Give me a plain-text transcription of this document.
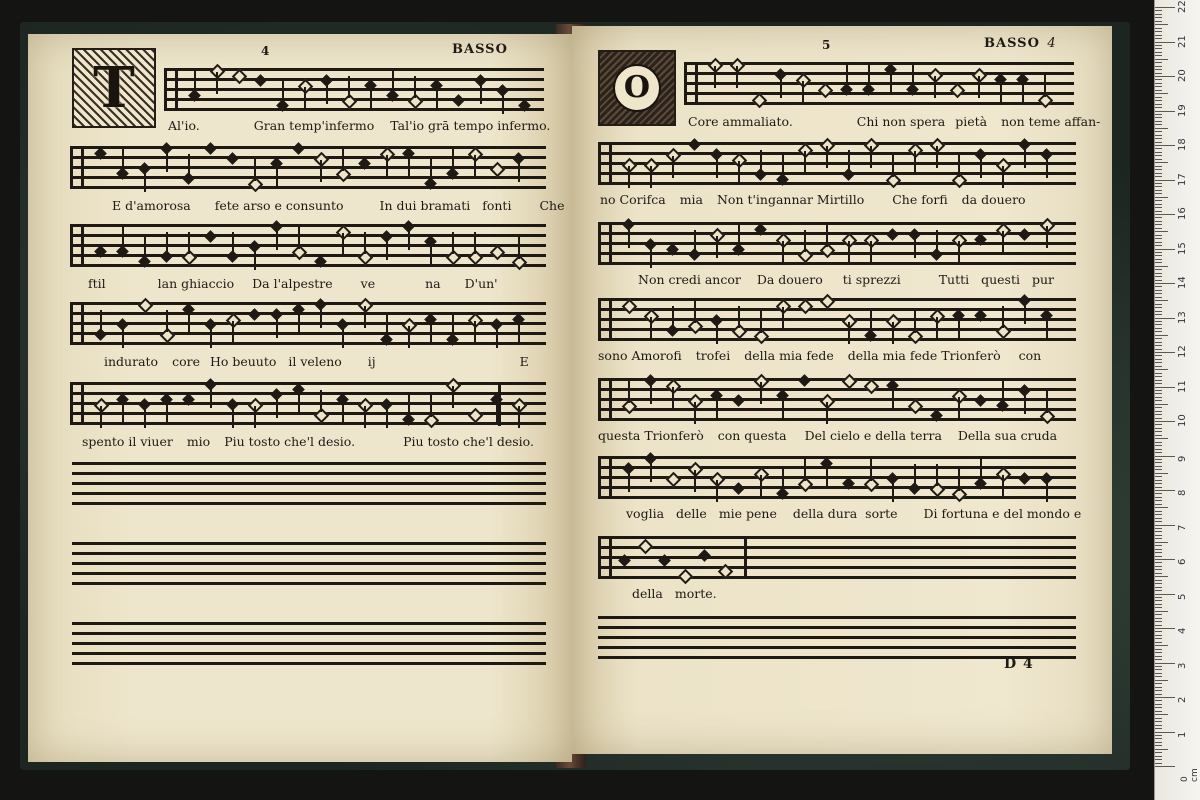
4	BASSO
T
Al'io.	Gran temp'infermo Tal'io grā tempo infermo.
E d'amorosa fete arso e consunto	In dui bramati fonti Che
ftil	lan ghiaccio Da l'alpestre ve	na D'un'
indurato core Ho beuuto il veleno ij	E
spento il viuer mio Piu tosto che'l desio.	Piu tosto che'l desio.
5	BASSO 4
O
Core ammaliato.	Chi non spera pietà non teme affan-
no Corifca mia Non t'ingannar Mirtillo Che forfi da douero
Non credi ancor Da douero ti sprezzi	Tutti questi pur
sono Amorofi trofei della mia fede della mia fede Trionferò con
questa Trionferò con questa Del cielo e della terra Della sua cruda
voglia delle mie pene della dura sorte Di fortuna e del mondo e
della morte.
D 4
0 cm
1
2
3
4
5
6
7
8
9
10
11
12
13
14
15
16
17
18
19
20
21
22
